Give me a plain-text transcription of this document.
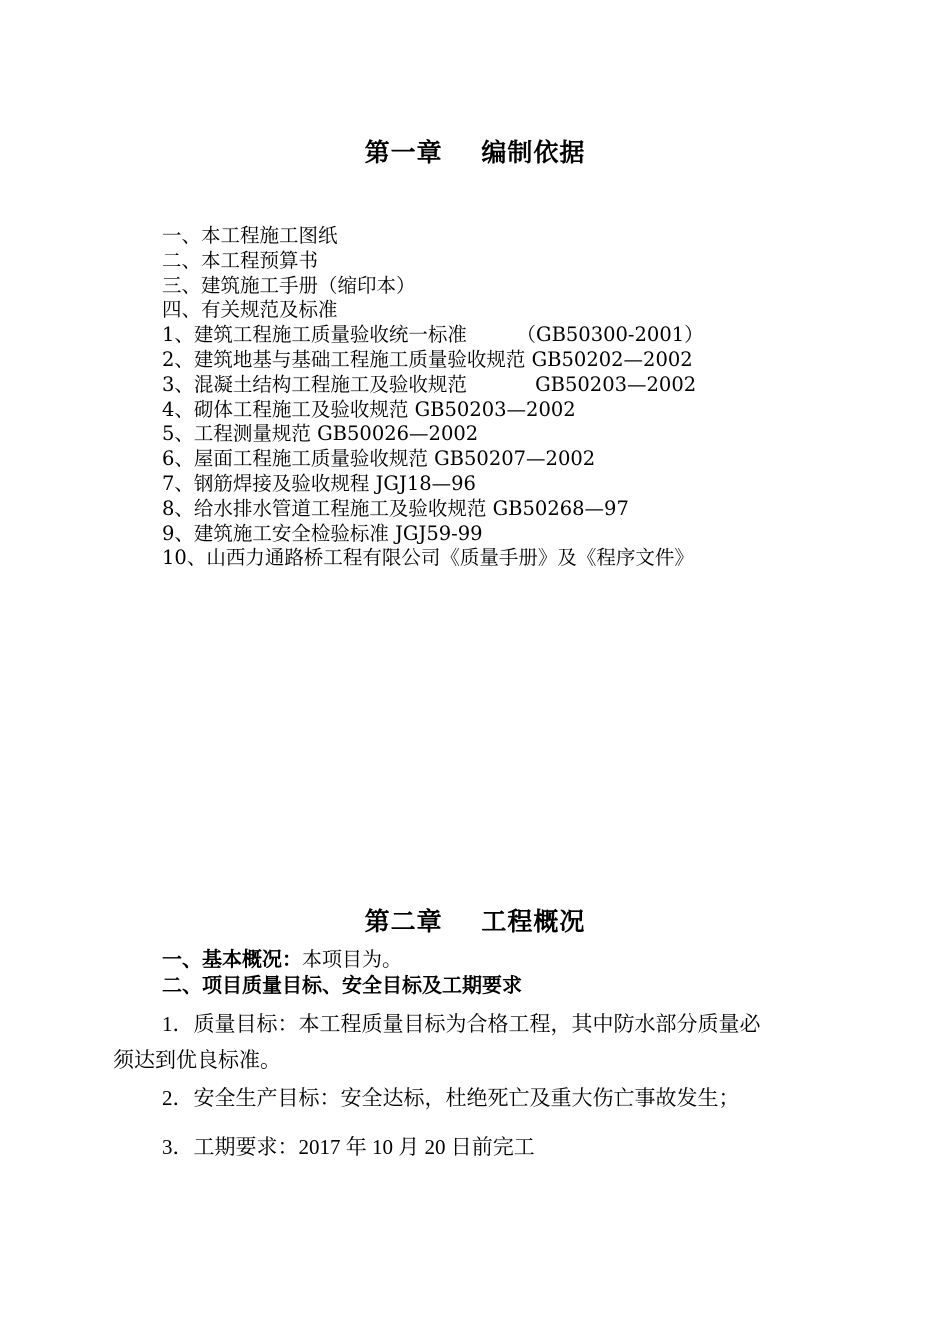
第一章    编制依据
一、本工程施工图纸
二、本工程预算书
三、建筑施工手册（缩印本）
四、有关规范及标准
1、建筑工程施工质量验收统一标准        （GB50300-2001）
2、建筑地基与基础工程施工质量验收规范 GB50202—2002
3、混凝土结构工程施工及验收规范           GB50203—2002
4、砌体工程施工及验收规范 GB50203—2002
5、工程测量规范 GB50026—2002
6、屋面工程施工质量验收规范 GB50207—2002
7、钢筋焊接及验收规程 JGJ18—96
8、给水排水管道工程施工及验收规范 GB50268—97
9、建筑施工安全检验标准 JGJ59-99
10、山西力通路桥工程有限公司《质量手册》及《程序文件》
第二章    工程概况
一、基本概况：本项目为。
二、项目质量目标、安全目标及工期要求
1．质量目标：本工程质量目标为合格工程，其中防水部分质量必
须达到优良标准。
2．安全生产目标：安全达标，杜绝死亡及重大伤亡事故发生；
3．工期要求：2017 年 10 月 20 日前完工
